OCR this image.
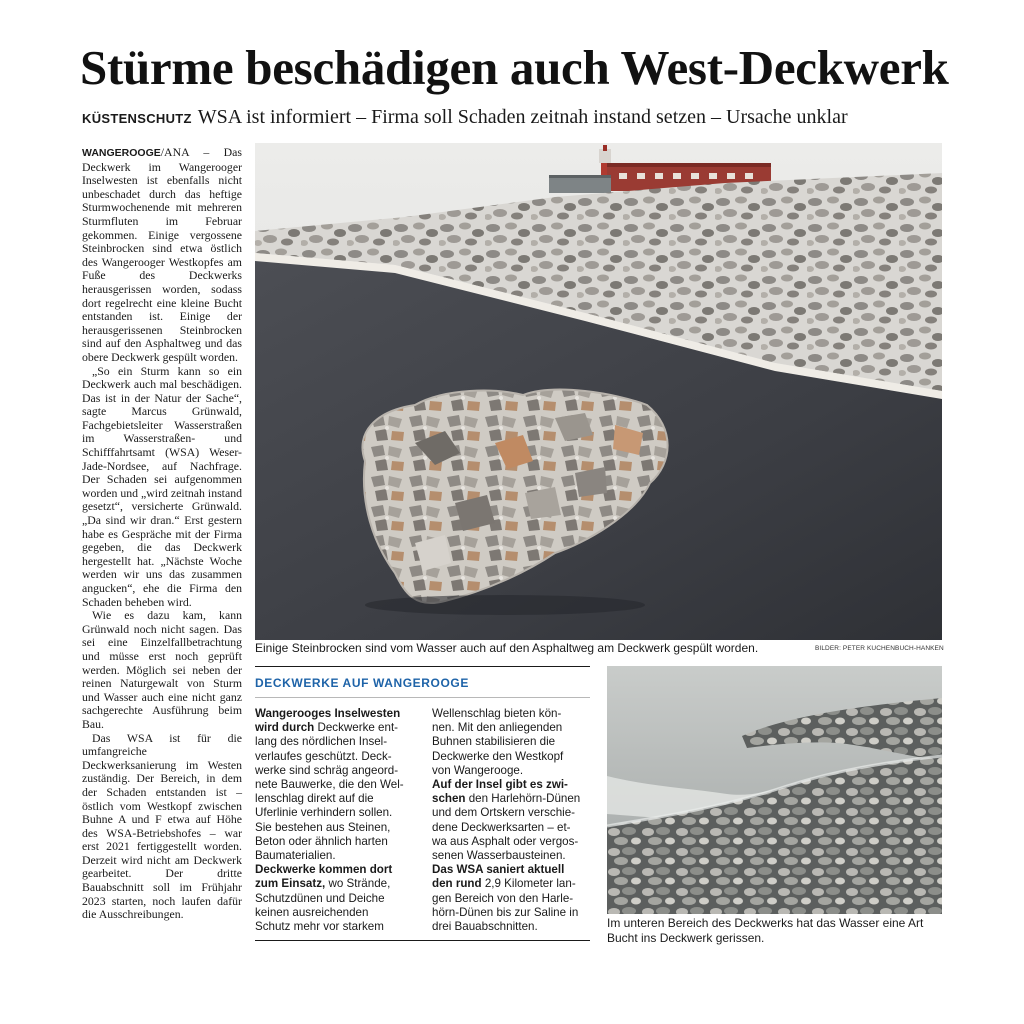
Stürme beschädigen auch West-Deckwerk
KÜSTENSCHUTZ WSA ist informiert – Firma soll Schaden zeitnah instand setzen – Ursache unklar

WANGEROOGE/ANA – Das Deckwerk im Wangerooger Inselwesten ist ebenfalls nicht unbeschadet durch das heftige Sturmwochenende mit mehreren Sturmfluten im Februar gekommen. Einige vergossene Steinbrocken sind etwa östlich des Wangerooger Westkopfes am Fuße des Deckwerks herausgerissen worden, sodass dort regelrecht eine kleine Bucht entstanden ist. Einige der herausgerissenen Steinbrocken sind auf den Asphaltweg und das obere Deckwerk gespült worden.

„So ein Sturm kann so ein Deckwerk auch mal beschädigen. Das ist in der Natur der Sache“, sagte Marcus Grünwald, Fachgebietsleiter Wasserstraßen im Wasserstraßen- und Schifffahrtsamt (WSA) Weser-Jade-Nordsee, auf Nachfrage. Der Schaden sei aufgenommen worden und „wird zeitnah instand gesetzt“, versicherte Grünwald. „Da sind wir dran.“ Erst gestern habe es Gespräche mit der Firma gegeben, die das Deckwerk hergestellt hat. „Nächste Woche werden wir uns das zusammen angucken“, ehe die Firma den Schaden beheben wird.

Wie es dazu kam, kann Grünwald noch nicht sagen. Das sei eine Einzelfallbetrachtung und müsse erst noch geprüft werden. Möglich sei neben der reinen Naturgewalt von Sturm und Wasser auch eine nicht ganz sachgerechte Ausführung beim Bau.

Das WSA ist für die umfangreiche Deckwerksanierung im Westen zuständig. Der Bereich, in dem der Schaden entstanden ist – östlich vom Westkopf zwischen Buhne A und F etwa auf Höhe des WSA-Betriebshofes – war erst 2021 fertiggestellt worden. Derzeit wird nicht am Deckwerk gearbeitet. Der dritte Bauabschnitt soll im Frühjahr 2023 starten, noch laufen dafür die Ausschreibungen.

Einige Steinbrocken sind vom Wasser auch auf den Asphaltweg am Deckwerk gespült worden.	BILDER: PETER KUCHENBUCH-HANKEN
DECKWERKE AUF WANGEROOGE
Wangerooges Inselwesten
wird durch Deckwerke ent-
lang des nördlichen Insel-
verlaufes geschützt. Deck-
werke sind schräg angeord-
nete Bauwerke, die den Wel-
lenschlag direkt auf die
Uferlinie verhindern sollen.
Sie bestehen aus Steinen,
Beton oder ähnlich harten
Baumaterialien.
Deckwerke kommen dort
zum Einsatz, wo Strände,
Schutzdünen und Deiche
keinen ausreichenden
Schutz mehr vor starkem
Wellenschlag bieten kön-
nen. Mit den anliegenden
Buhnen stabilisieren die
Deckwerke den Westkopf
von Wangerooge.
Auf der Insel gibt es zwi-
schen den Harlehörn-Dünen
und dem Ortskern verschie-
dene Deckwerksarten – et-
wa aus Asphalt oder vergos-
senen Wasserbausteinen.
Das WSA saniert aktuell
den rund 2,9 Kilometer lan-
gen Bereich von den Harle-
hörn-Dünen bis zur Saline in
drei Bauabschnitten.	Im unteren Bereich des Deckwerks hat das Wasser eine Art Bucht ins Deckwerk gerissen.
